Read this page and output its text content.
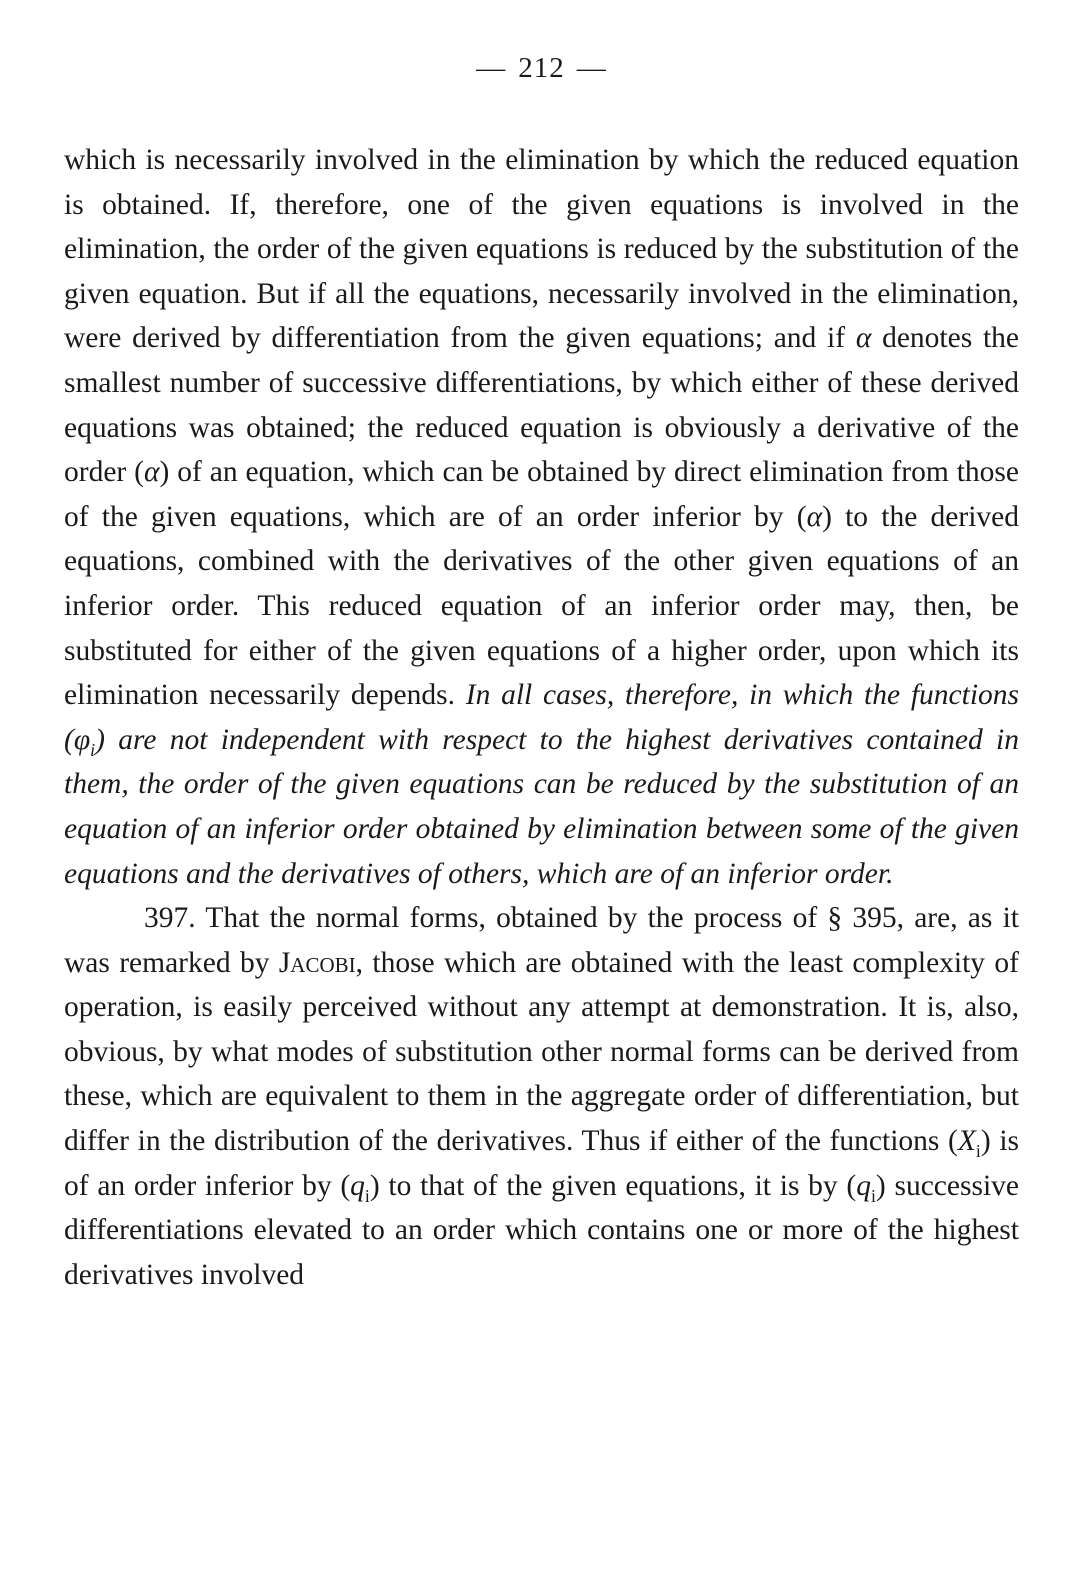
— 212 —

which is necessarily involved in the elimination by which the reduced equation is obtained. If, therefore, one of the given equations is involved in the elimination, the order of the given equations is reduced by the substitution of the given equation. But if all the equations, necessarily involved in the elimination, were derived by differentiation from the given equations; and if α denotes the smallest number of successive differentiations, by which either of these derived equations was obtained; the reduced equation is obviously a derivative of the order (α) of an equation, which can be obtained by direct elimination from those of the given equations, which are of an order inferior by (α) to the derived equations, combined with the derivatives of the other given equations of an inferior order. This reduced equation of an inferior order may, then, be substituted for either of the given equations of a higher order, upon which its elimination necessarily depends. In all cases, therefore, in which the functions $(\varphi_i)$ are not independent with respect to the highest derivatives contained in them, the order of the given equations can be reduced by the substitution of an equation of an inferior order obtained by elimination between some of the given equations and the derivatives of others, which are of an inferior order.

397. That the normal forms, obtained by the process of § 395, are, as it was remarked by Jacobi, those which are obtained with the least complexity of operation, is easily perceived without any attempt at demonstration. It is, also, obvious, by what modes of substitution other normal forms can be derived from these, which are equivalent to them in the aggregate order of differentiation, but differ in the distribution of the derivatives. Thus if either of the functions $(X_i)$ is of an order inferior by $(q_i)$ to that of the given equations, it is by $(q_i)$ successive differentiations elevated to an order which contains one or more of the highest derivatives involved
